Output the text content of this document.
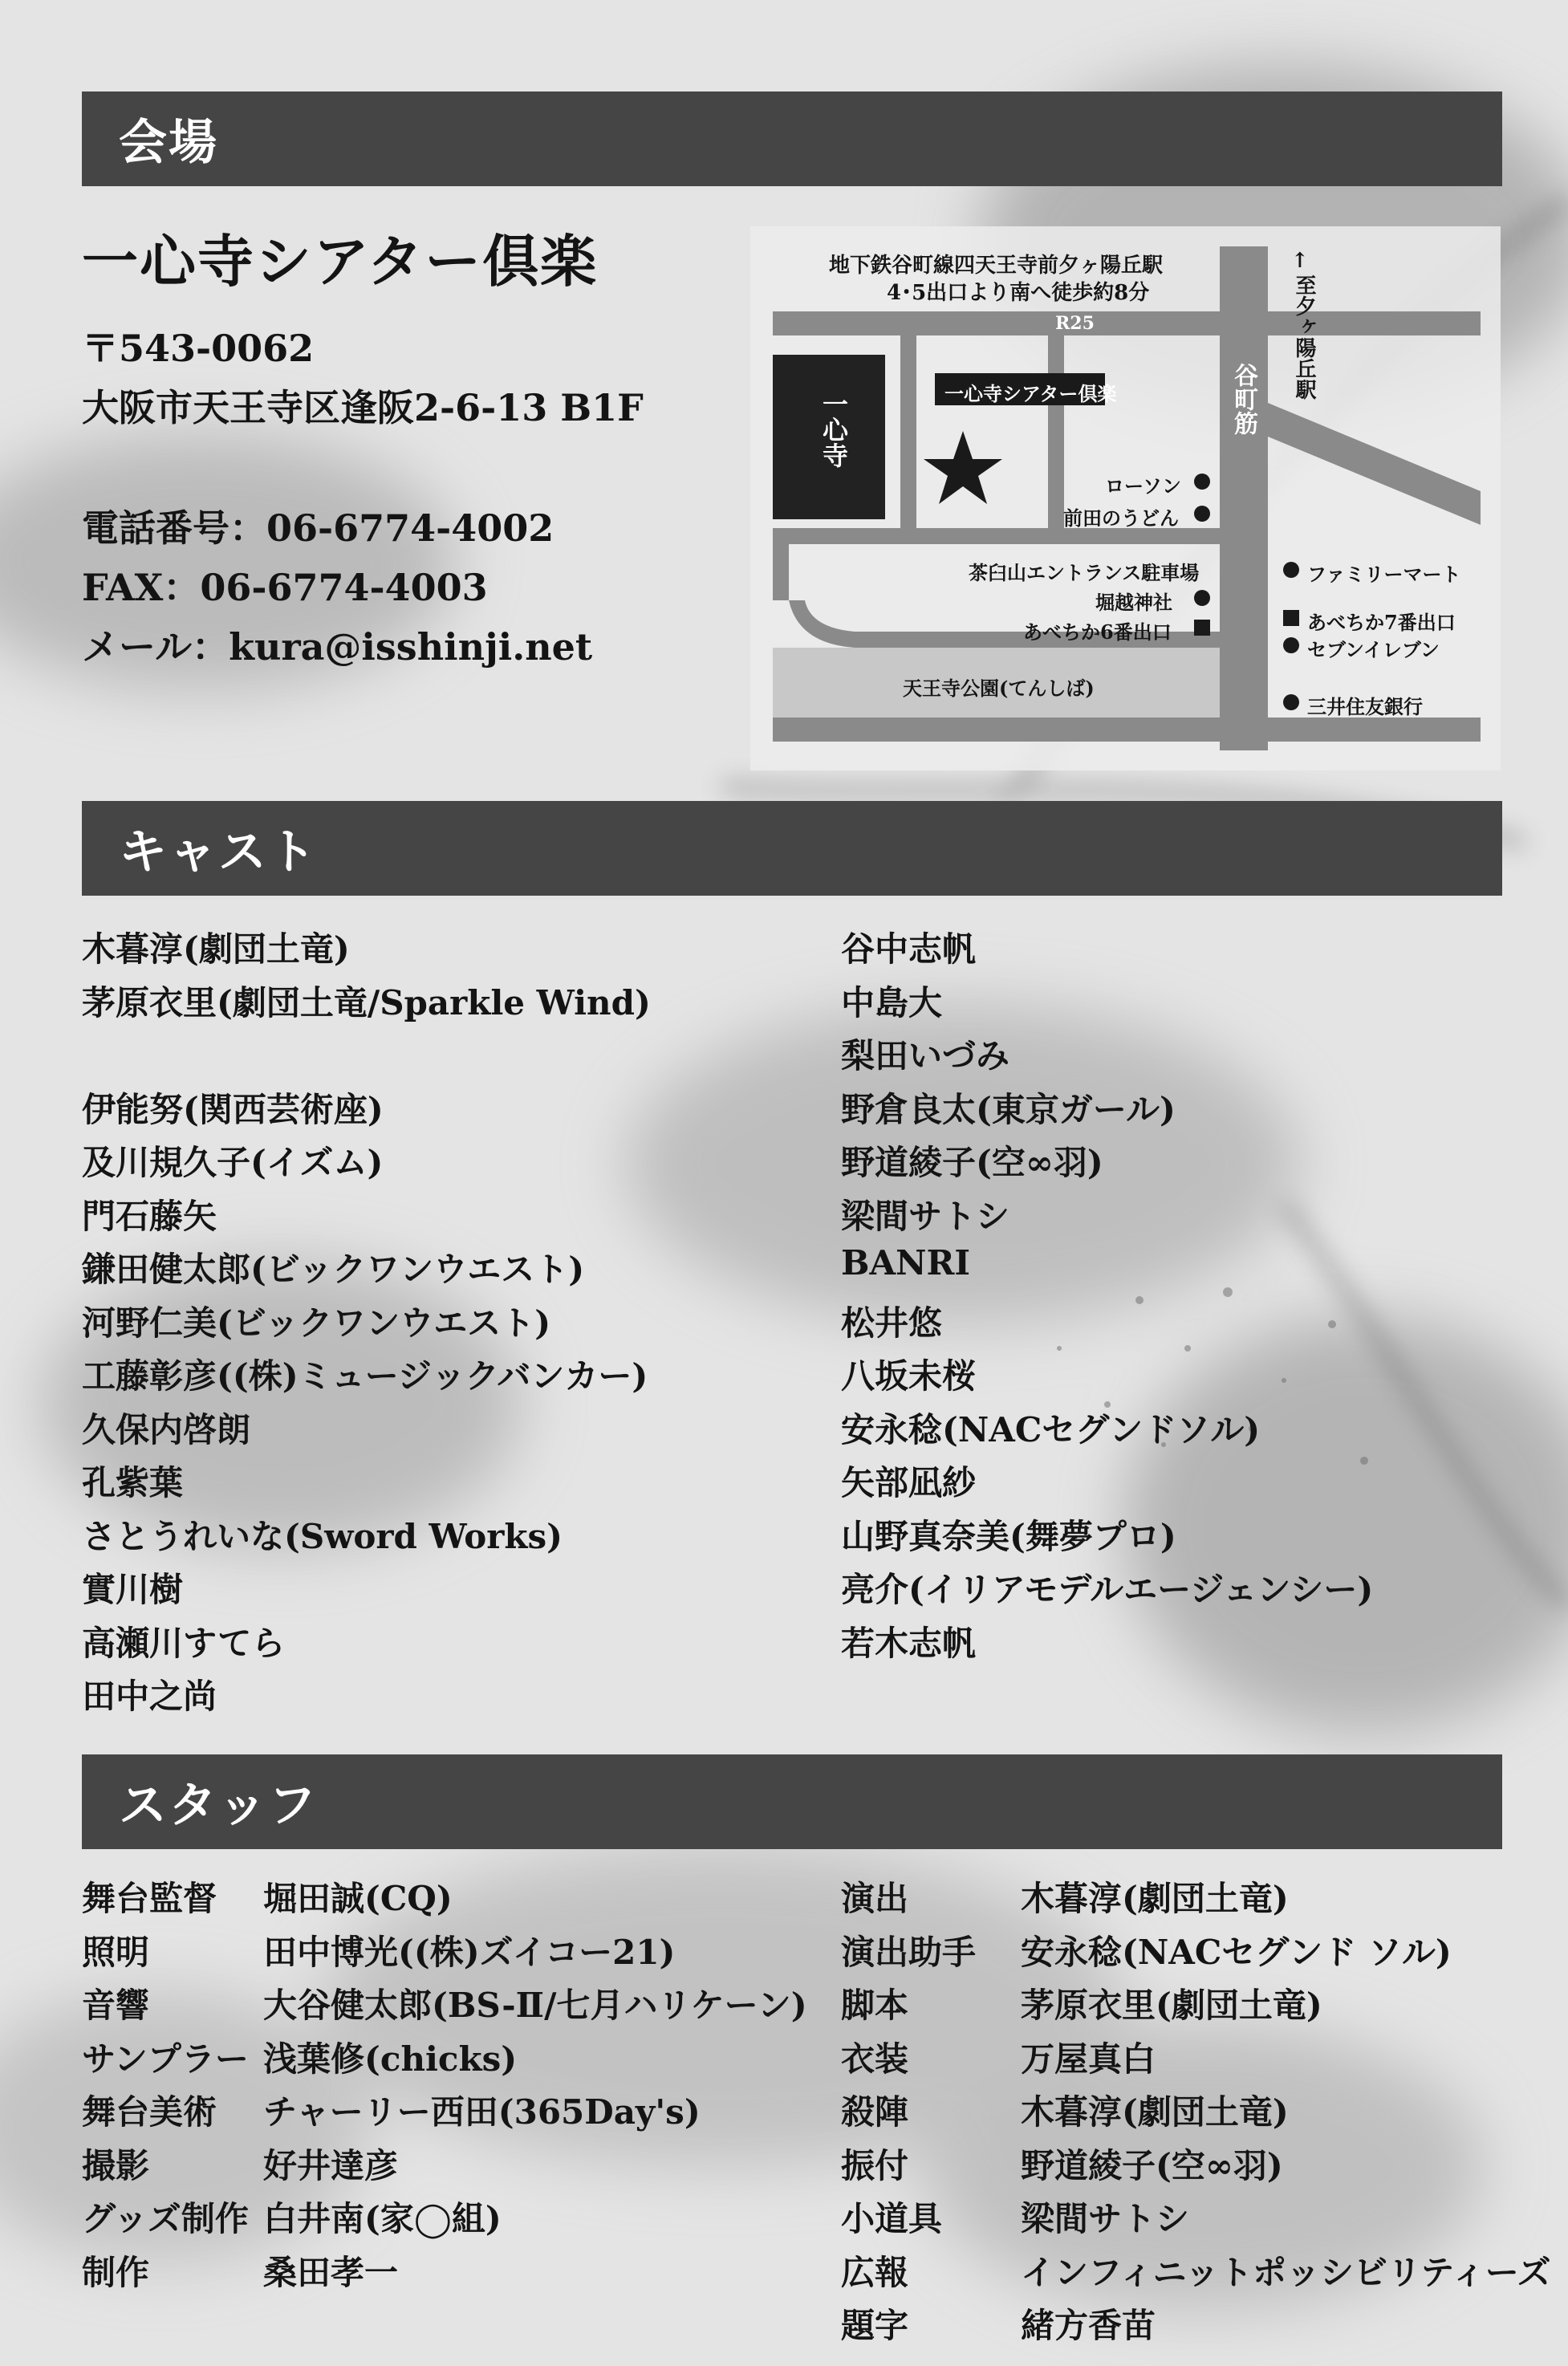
会場
一心寺シアター倶楽
〒543-0062
大阪市天王寺区逢阪2-6-13 B1F
電話番号：06-6774-4002
FAX：06-6774-4003
メール：kura@isshinji.net
地下鉄谷町線四天王寺前夕ヶ陽丘駅
4･5出口より南へ徒歩約8分
R25
一心寺	一心寺シアター倶楽	谷町筋
↑
至夕ヶ陽丘駅
ローソン
前田のうどん
茶臼山エントランス駐車場
堀越神社
あべちか6番出口
天王寺公園(てんしば)
ファミリーマート
あべちか7番出口
セブンイレブン
三井住友銀行
キャスト
木暮淳(劇団土竜)
茅原衣里(劇団土竜/Sparkle Wind)
伊能努(関西芸術座)
及川規久子(イズム)
門石藤矢
鎌田健太郎(ビックワンウエスト)
河野仁美(ビックワンウエスト)
工藤彰彦((株)ミュージックバンカー)
久保内啓朗
孔紫葉
さとうれいな(Sword Works)
實川樹
高瀬川すてら
田中之尚
谷中志帆
中島大
梨田いづみ
野倉良太(東京ガール)
野道綾子(空∞羽)
梁間サトシ
BANRI
松井悠
八坂未桜
安永稔(NACセグンドソル)
矢部凪紗
山野真奈美(舞夢プロ)
亮介(イリアモデルエージェンシー)
若木志帆
スタッフ
舞台監督 堀田誠(CQ)
照明	田中博光((株)ズイコー21)
音響	大谷健太郎(BS-Ⅱ/七月ハリケーン)
サンプラー 浅葉修(chicks)
舞台美術 チャーリー西田(365Day's)
撮影	好井達彦
グッズ制作 白井南(家◯組)
制作	桑田孝一
演出	木暮淳(劇団土竜)
演出助手 安永稔(NACセグンド ソル)
脚本	茅原衣里(劇団土竜)
衣装	万屋真白
殺陣	木暮淳(劇団土竜)
振付	野道綾子(空∞羽)
小道具 梁間サトシ
広報	インフィニットポッシビリティーズ
題字	緒方香苗
